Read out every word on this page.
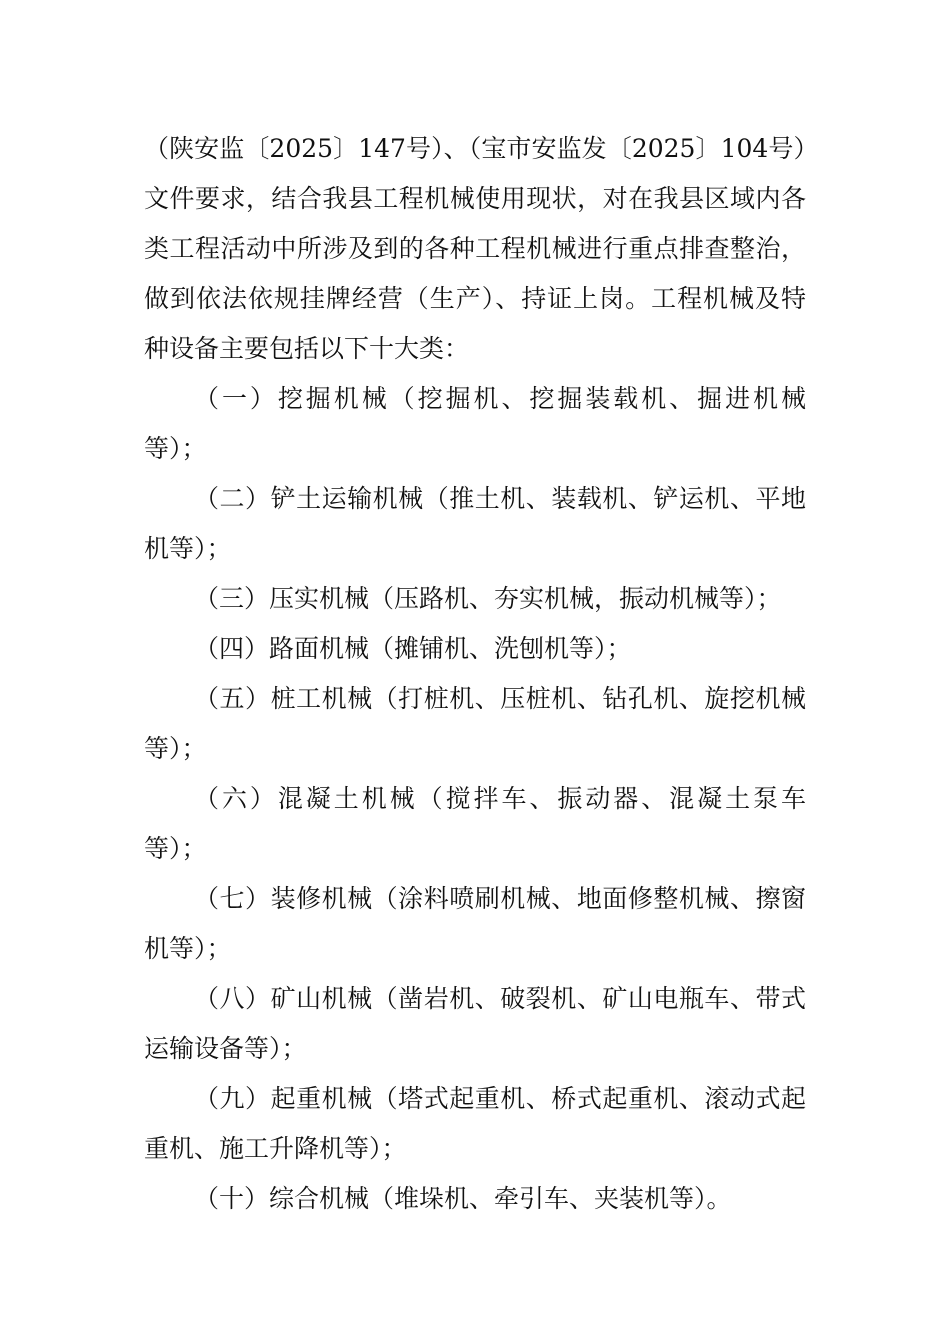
（陕安监〔2025〕147号）、（宝市安监发〔2025〕104号）文件要求，结合我县工程机械使用现状，对在我县区域内各类工程活动中所涉及到的各种工程机械进行重点排查整治，做到依法依规挂牌经营（生产）、持证上岗。工程机械及特种设备主要包括以下十大类：

（一）挖掘机械（挖掘机、挖掘装载机、掘进机械等）；

（二）铲土运输机械（推土机、装载机、铲运机、平地机等）；

（三）压实机械（压路机、夯实机械，振动机械等）；

（四）路面机械（摊铺机、洗刨机等）；

（五）桩工机械（打桩机、压桩机、钻孔机、旋挖机械等）；

（六）混凝土机械（搅拌车、振动器、混凝土泵车等）；

（七）装修机械（涂料喷刷机械、地面修整机械、擦窗机等）；

（八）矿山机械（凿岩机、破裂机、矿山电瓶车、带式运输设备等）；

（九）起重机械（塔式起重机、桥式起重机、滚动式起重机、施工升降机等）；

（十）综合机械（堆垛机、牵引车、夹装机等）。
